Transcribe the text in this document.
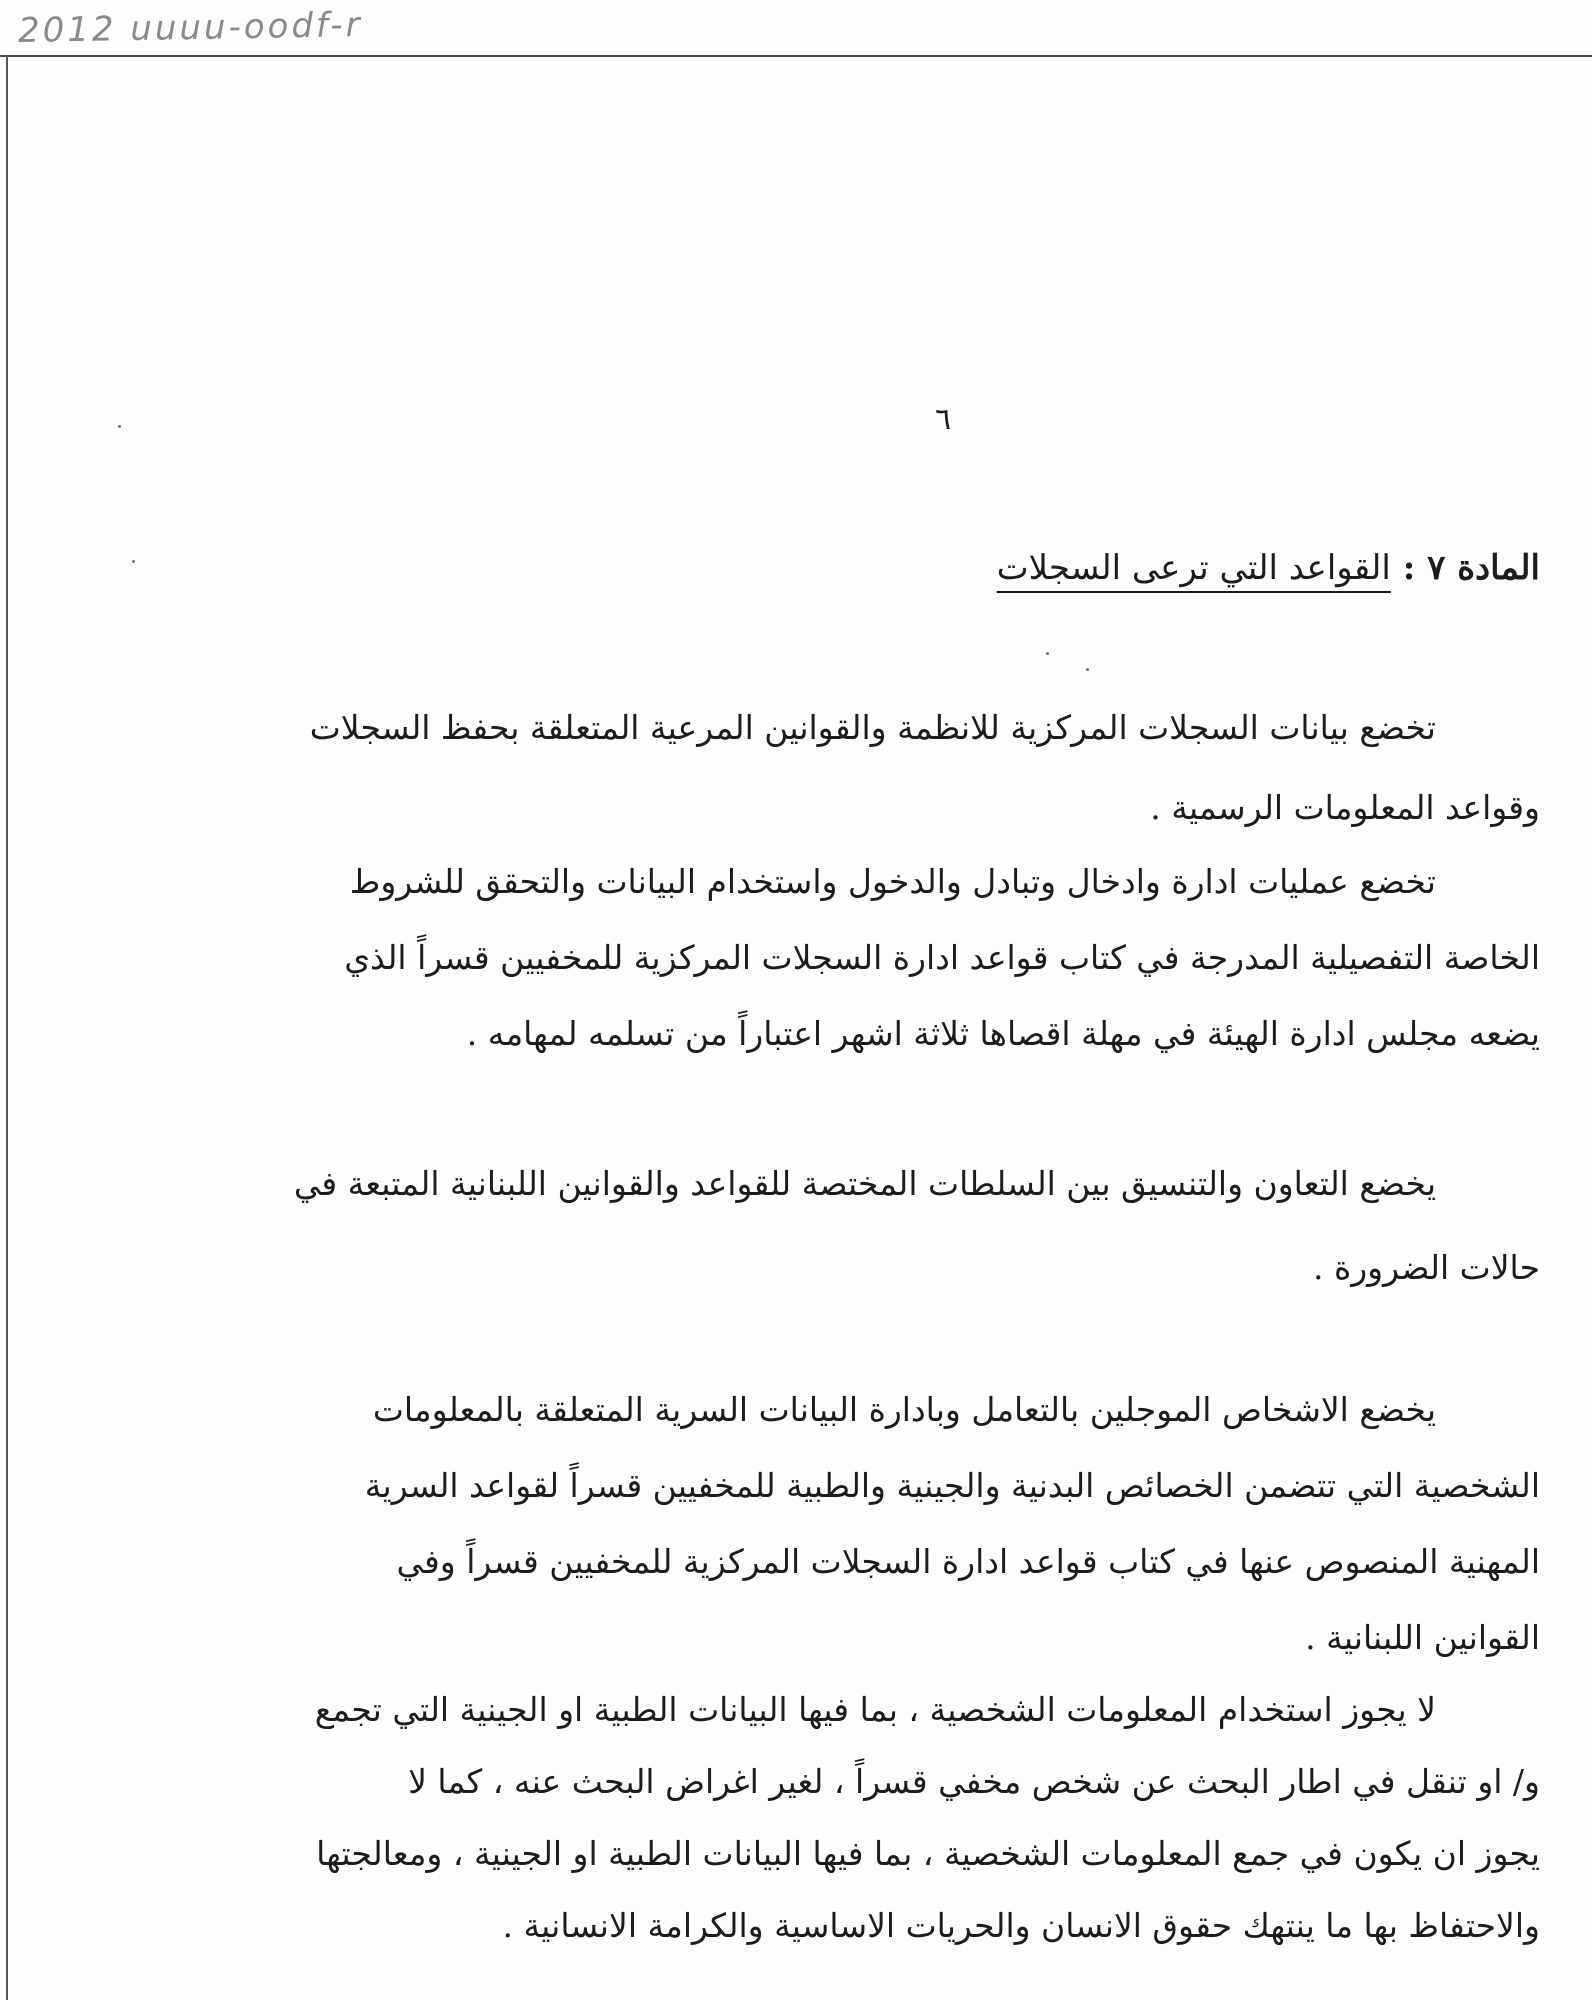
2012 uuuu-oodf-r
٦
المادة ٧ : القواعد التي ترعى السجلات
تخضع بيانات السجلات المركزية للانظمة والقوانين المرعية المتعلقة بحفظ السجلات
وقواعد المعلومات الرسمية .
تخضع عمليات ادارة وادخال وتبادل والدخول واستخدام البيانات والتحقق للشروط
الخاصة التفصيلية المدرجة في كتاب قواعد ادارة السجلات المركزية للمخفيين قسراً الذي
يضعه مجلس ادارة الهيئة في مهلة اقصاها ثلاثة اشهر اعتباراً من تسلمه لمهامه .
يخضع التعاون والتنسيق بين السلطات المختصة للقواعد والقوانين اللبنانية المتبعة في
حالات الضرورة .
يخضع الاشخاص الموجلين بالتعامل وبادارة البيانات السرية المتعلقة بالمعلومات
الشخصية التي تتضمن الخصائص البدنية والجينية والطبية للمخفيين قسراً لقواعد السرية
المهنية المنصوص عنها في كتاب قواعد ادارة السجلات المركزية للمخفيين قسراً وفي
القوانين اللبنانية .
لا يجوز استخدام المعلومات الشخصية ، بما فيها البيانات الطبية او الجينية التي تجمع
و/ او تنقل في اطار البحث عن شخص مخفي قسراً ، لغير اغراض البحث عنه ، كما لا
يجوز ان يكون في جمع المعلومات الشخصية ، بما فيها البيانات الطبية او الجينية ، ومعالجتها
والاحتفاظ بها ما ينتهك حقوق الانسان والحريات الاساسية والكرامة الانسانية .
